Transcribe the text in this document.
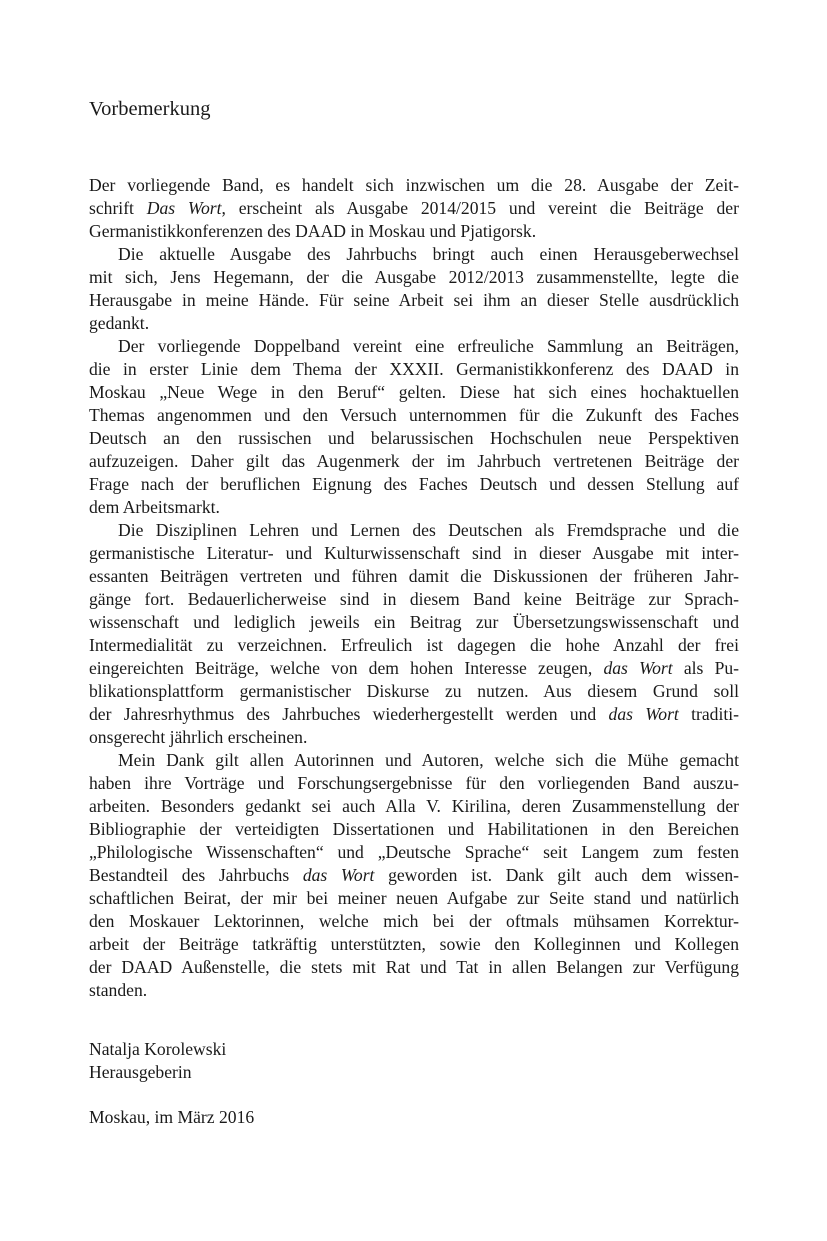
Vorbemerkung
Der vorliegende Band, es handelt sich inzwischen um die 28. Ausgabe der Zeit-
schrift Das Wort, erscheint als Ausgabe 2014/2015 und vereint die Beiträge der
Germanistikkonferenzen des DAAD in Moskau und Pjatigorsk.
Die aktuelle Ausgabe des Jahrbuchs bringt auch einen Herausgeberwechsel
mit sich, Jens Hegemann, der die Ausgabe 2012/2013 zusammenstellte, legte die
Herausgabe in meine Hände. Für seine Arbeit sei ihm an dieser Stelle ausdrücklich
gedankt.
Der vorliegende Doppelband vereint eine erfreuliche Sammlung an Beiträgen,
die in erster Linie dem Thema der XXXII. Germanistikkonferenz des DAAD in
Moskau „Neue Wege in den Beruf“ gelten. Diese hat sich eines hochaktuellen
Themas angenommen und den Versuch unternommen für die Zukunft des Faches
Deutsch an den russischen und belarussischen Hochschulen neue Perspektiven
aufzuzeigen. Daher gilt das Augenmerk der im Jahrbuch vertretenen Beiträge der
Frage nach der beruflichen Eignung des Faches Deutsch und dessen Stellung auf
dem Arbeitsmarkt.
Die Disziplinen Lehren und Lernen des Deutschen als Fremdsprache und die
germanistische Literatur- und Kulturwissenschaft sind in dieser Ausgabe mit inter-
essanten Beiträgen vertreten und führen damit die Diskussionen der früheren Jahr-
gänge fort. Bedauerlicherweise sind in diesem Band keine Beiträge zur Sprach-
wissenschaft und lediglich jeweils ein Beitrag zur Übersetzungswissenschaft und
Intermedialität zu verzeichnen. Erfreulich ist dagegen die hohe Anzahl der frei
eingereichten Beiträge, welche von dem hohen Interesse zeugen, das Wort als Pu-
blikationsplattform germanistischer Diskurse zu nutzen. Aus diesem Grund soll
der Jahresrhythmus des Jahrbuches wiederhergestellt werden und das Wort traditi-
onsgerecht jährlich erscheinen.
Mein Dank gilt allen Autorinnen und Autoren, welche sich die Mühe gemacht
haben ihre Vorträge und Forschungsergebnisse für den vorliegenden Band auszu-
arbeiten. Besonders gedankt sei auch Alla V. Kirilina, deren Zusammenstellung der
Bibliographie der verteidigten Dissertationen und Habilitationen in den Bereichen
„Philologische Wissenschaften“ und „Deutsche Sprache“ seit Langem zum festen
Bestandteil des Jahrbuchs das Wort geworden ist. Dank gilt auch dem wissen-
schaftlichen Beirat, der mir bei meiner neuen Aufgabe zur Seite stand und natürlich
den Moskauer Lektorinnen, welche mich bei der oftmals mühsamen Korrektur-
arbeit der Beiträge tatkräftig unterstützten, sowie den Kolleginnen und Kollegen
der DAAD Außenstelle, die stets mit Rat und Tat in allen Belangen zur Verfügung
standen.
Natalja Korolewski
Herausgeberin
Moskau, im März 2016
